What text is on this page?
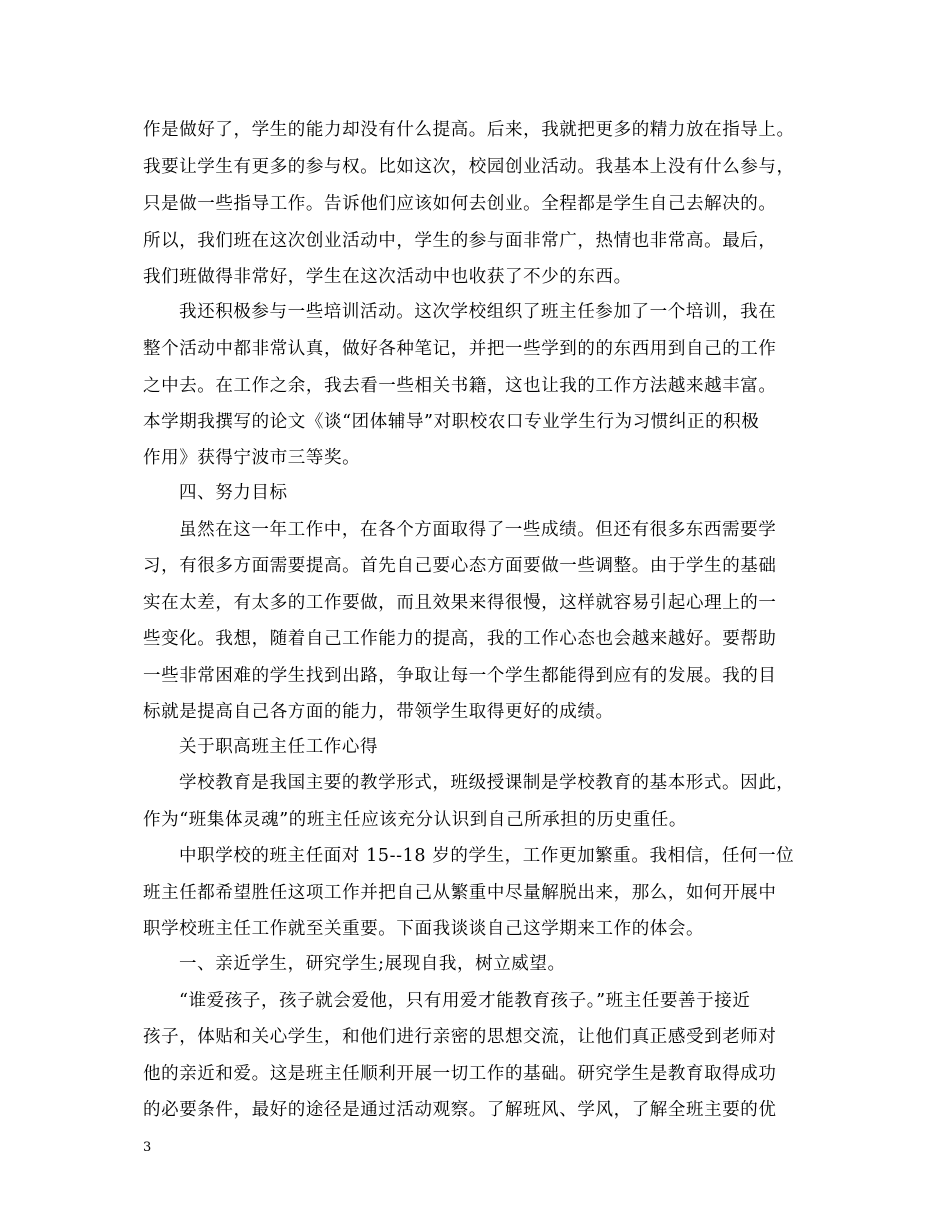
作是做好了，学生的能力却没有什么提高。后来，我就把更多的精力放在指导上。
我要让学生有更多的参与权。比如这次，校园创业活动。我基本上没有什么参与，
只是做一些指导工作。告诉他们应该如何去创业。全程都是学生自己去解决的。
所以，我们班在这次创业活动中，学生的参与面非常广，热情也非常高。最后，
我们班做得非常好，学生在这次活动中也收获了不少的东西。
我还积极参与一些培训活动。这次学校组织了班主任参加了一个培训，我在
整个活动中都非常认真，做好各种笔记，并把一些学到的的东西用到自己的工作
之中去。在工作之余，我去看一些相关书籍，这也让我的工作方法越来越丰富。
本学期我撰写的论文《谈“团体辅导”对职校农口专业学生行为习惯纠正的积极
作用》获得宁波市三等奖。
四、努力目标
虽然在这一年工作中，在各个方面取得了一些成绩。但还有很多东西需要学
习，有很多方面需要提高。首先自己要心态方面要做一些调整。由于学生的基础
实在太差，有太多的工作要做，而且效果来得很慢，这样就容易引起心理上的一
些变化。我想，随着自己工作能力的提高，我的工作心态也会越来越好。要帮助
一些非常困难的学生找到出路，争取让每一个学生都能得到应有的发展。我的目
标就是提高自己各方面的能力，带领学生取得更好的成绩。
关于职高班主任工作心得
学校教育是我国主要的教学形式，班级授课制是学校教育的基本形式。因此，
作为“班集体灵魂”的班主任应该充分认识到自己所承担的历史重任。
中职学校的班主任面对 15--18 岁的学生，工作更加繁重。我相信，任何一位
班主任都希望胜任这项工作并把自己从繁重中尽量解脱出来，那么，如何开展中
职学校班主任工作就至关重要。下面我谈谈自己这学期来工作的体会。
一、亲近学生，研究学生;展现自我，树立威望。
“谁爱孩子，孩子就会爱他，只有用爱才能教育孩子。”班主任要善于接近
孩子，体贴和关心学生，和他们进行亲密的思想交流，让他们真正感受到老师对
他的亲近和爱。这是班主任顺利开展一切工作的基础。研究学生是教育取得成功
的必要条件，最好的途径是通过活动观察。了解班风、学风，了解全班主要的优
3
